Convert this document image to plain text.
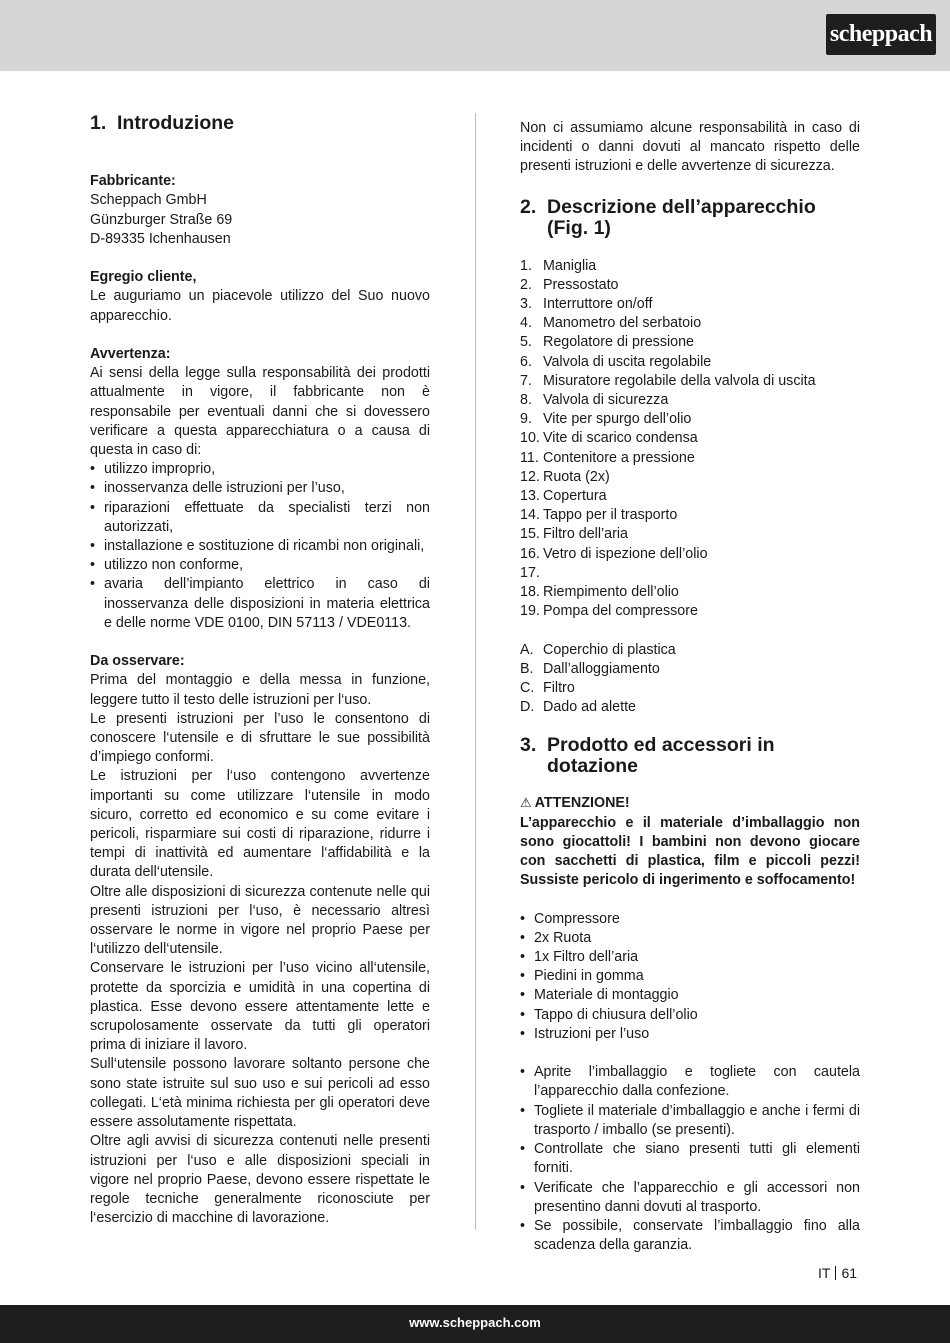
scheppach
1. Introduzione

Fabbricante:

Scheppach GmbH

Günzburger Straße 69

D-89335 Ichenhausen

Egregio cliente,

Le auguriamo un piacevole utilizzo del Suo nuovo apparecchio.

Avvertenza:

Ai sensi della legge sulla responsabilità dei prodotti attualmente in vigore, il fabbricante non è responsabile per eventuali danni che si dovessero verificare a questa apparecchiatura o a causa di questa in caso di:

• utilizzo improprio,
• inosservanza delle istruzioni per l’uso,
• riparazioni effettuate da specialisti terzi non autorizzati,
• installazione e sostituzione di ricambi non originali,
• utilizzo non conforme,
• avaria dell’impianto elettrico in caso di inosservanza delle disposizioni in materia elettrica e delle norme VDE 0100, DIN 57113 / VDE0113.

Da osservare:

Prima del montaggio e della messa in funzione, leggere tutto il testo delle istruzioni per l‘uso.

Le presenti istruzioni per l’uso le consentono di conoscere l‘utensile e di sfruttare le sue possibilità d’impiego conformi.

Le istruzioni per l‘uso contengono avvertenze importanti su come utilizzare l‘utensile in modo sicuro, corretto ed economico e su come evitare i pericoli, risparmiare sui costi di riparazione, ridurre i tempi di inattività ed aumentare l‘affidabilità e la durata dell‘utensile.

Oltre alle disposizioni di sicurezza contenute nelle qui presenti istruzioni per l‘uso, è necessario altresì osservare le norme in vigore nel proprio Paese per l‘utilizzo dell‘utensile.

Conservare le istruzioni per l’uso vicino all‘utensile, protette da sporcizia e umidità in una copertina di plastica. Esse devono essere attentamente lette e scrupolosamente osservate da tutti gli operatori prima di iniziare il lavoro.

Sull‘utensile possono lavorare soltanto persone che sono state istruite sul suo uso e sui pericoli ad esso collegati. L‘età minima richiesta per gli operatori deve essere assolutamente rispettata.

Oltre agli avvisi di sicurezza contenuti nelle presenti istruzioni per l‘uso e alle disposizioni speciali in vigore nel proprio Paese, devono essere rispettate le regole tecniche generalmente riconosciute per l‘esercizio di macchine di lavorazione.

Non ci assumiamo alcune responsabilità in caso di incidenti o danni dovuti al mancato rispetto delle presenti istruzioni e delle avvertenze di sicurezza.

2. Descrizione dell’apparecchio (Fig. 1)
1. Maniglia
2. Pressostato
3. Interruttore on/off
4. Manometro del serbatoio
5. Regolatore di pressione
6. Valvola di uscita regolabile
7. Misuratore regolabile della valvola di uscita
8. Valvola di sicurezza
9. Vite per spurgo dell’olio
10. Vite di scarico condensa
11. Contenitore a pressione
12. Ruota (2x)
13. Copertura
14. Tappo per il trasporto
15. Filtro dell’aria
16. Vetro di ispezione dell’olio
17.
18. Riempimento dell’olio
19. Pompa del compressore
A. Coperchio di plastica
B. Dall’alloggiamento
C. Filtro
D. Dado ad alette
3. Prodotto ed accessori in dotazione

⚠ ATTENZIONE!

L’apparecchio e il materiale d’imballaggio non sono giocattoli! I bambini non devono giocare con sacchetti di plastica, film e piccoli pezzi! Sussiste pericolo di ingerimento e soffocamento!

• Compressore
• 2x Ruota
• 1x Filtro dell’aria
• Piedini in gomma
• Materiale di montaggio
• Tappo di chiusura dell’olio
• Istruzioni per l’uso
• Aprite l’imballaggio e togliete con cautela l’apparecchio dalla confezione.
• Togliete il materiale d’imballaggio e anche i fermi di trasporto / imballo (se presenti).
• Controllate che siano presenti tutti gli elementi forniti.
• Verificate che l’apparecchio e gli accessori non presentino danni dovuti al trasporto.
• Se possibile, conservate l’imballaggio fino alla scadenza della garanzia.
IT 61
www.scheppach.com
